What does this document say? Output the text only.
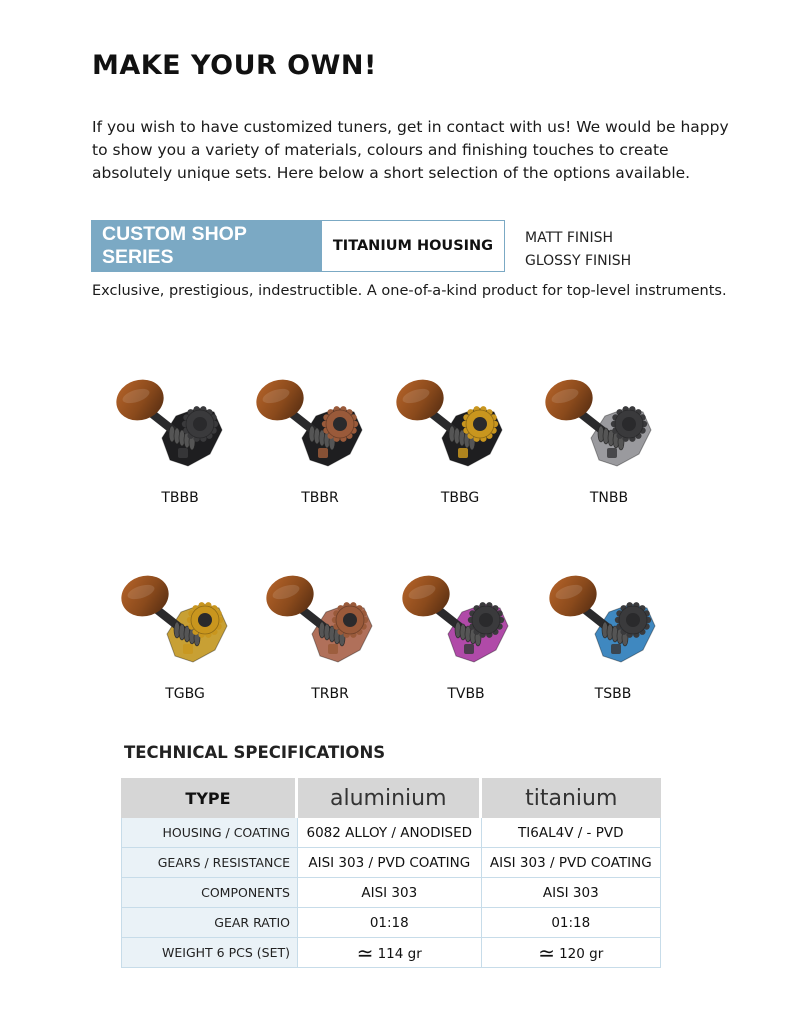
MAKE YOUR OWN!

If you wish to have customized tuners, get in contact with us! We would be happy to show you a variety of materials, colours and finishing touches to create absolutely unique sets. Here below a short selection of the options available.

CUSTOM SHOP SERIES	TITANIUM HOUSING	MATT FINISH
GLOSSY FINISH

Exclusive, prestigious, indestructible. A one-of-a-kind product for top-level instruments.

TBBB	TBBR	TBBG	TNBB
TGBG	TRBR	TVBB	TSBB
TECHNICAL SPECIFICATIONS
TYPE	aluminium	titanium
HOUSING / COATING	6082 ALLOY / ANODISED	TI6AL4V / - PVD
GEARS / RESISTANCE	AISI 303 / PVD COATING	AISI 303 / PVD COATING
COMPONENTS	AISI 303	AISI 303
GEAR RATIO	01:18	01:18
WEIGHT 6 PCS (SET)	≃ 114 gr	≃ 120 gr
